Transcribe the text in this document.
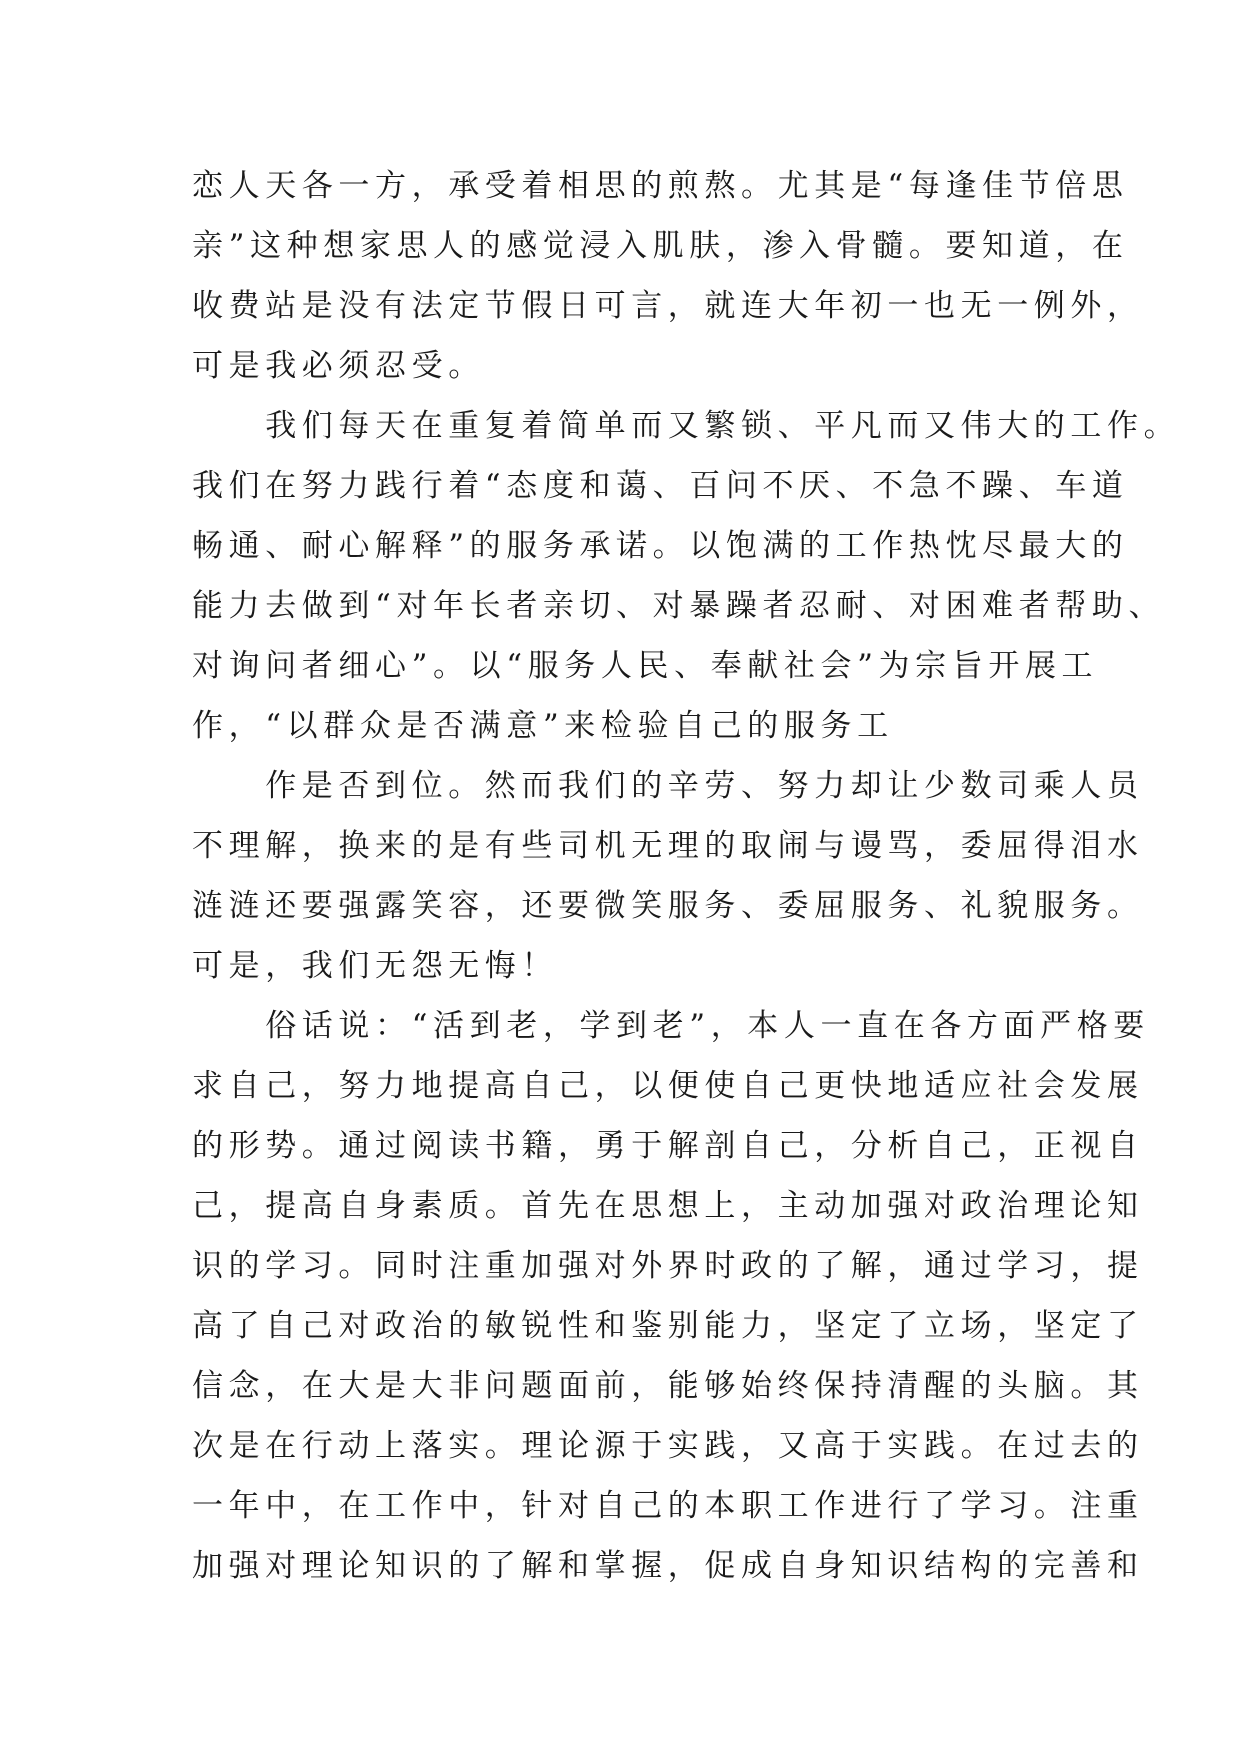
恋人天各一方，承受着相思的煎熬。尤其是“每逢佳节倍思
亲”这种想家思人的感觉浸入肌肤，渗入骨髓。要知道，在
收费站是没有法定节假日可言，就连大年初一也无一例外，
可是我必须忍受。
　　我们每天在重复着简单而又繁锁、平凡而又伟大的工作。
我们在努力践行着“态度和蔼、百问不厌、不急不躁、车道
畅通、耐心解释”的服务承诺。以饱满的工作热忱尽最大的
能力去做到“对年长者亲切、对暴躁者忍耐、对困难者帮助、
对询问者细心”。以“服务人民、奉献社会”为宗旨开展工
作，“以群众是否满意”来检验自己的服务工
　　作是否到位。然而我们的辛劳、努力却让少数司乘人员
不理解，换来的是有些司机无理的取闹与谩骂，委屈得泪水
涟涟还要强露笑容，还要微笑服务、委屈服务、礼貌服务。
可是，我们无怨无悔！
　　俗话说：“活到老，学到老”，本人一直在各方面严格要
求自己，努力地提高自己，以便使自己更快地适应社会发展
的形势。通过阅读书籍，勇于解剖自己，分析自己，正视自
己，提高自身素质。首先在思想上，主动加强对政治理论知
识的学习。同时注重加强对外界时政的了解，通过学习，提
高了自己对政治的敏锐性和鉴别能力，坚定了立场，坚定了
信念，在大是大非问题面前，能够始终保持清醒的头脑。其
次是在行动上落实。理论源于实践，又高于实践。在过去的
一年中，在工作中，针对自己的本职工作进行了学习。注重
加强对理论知识的了解和掌握，促成自身知识结构的完善和
